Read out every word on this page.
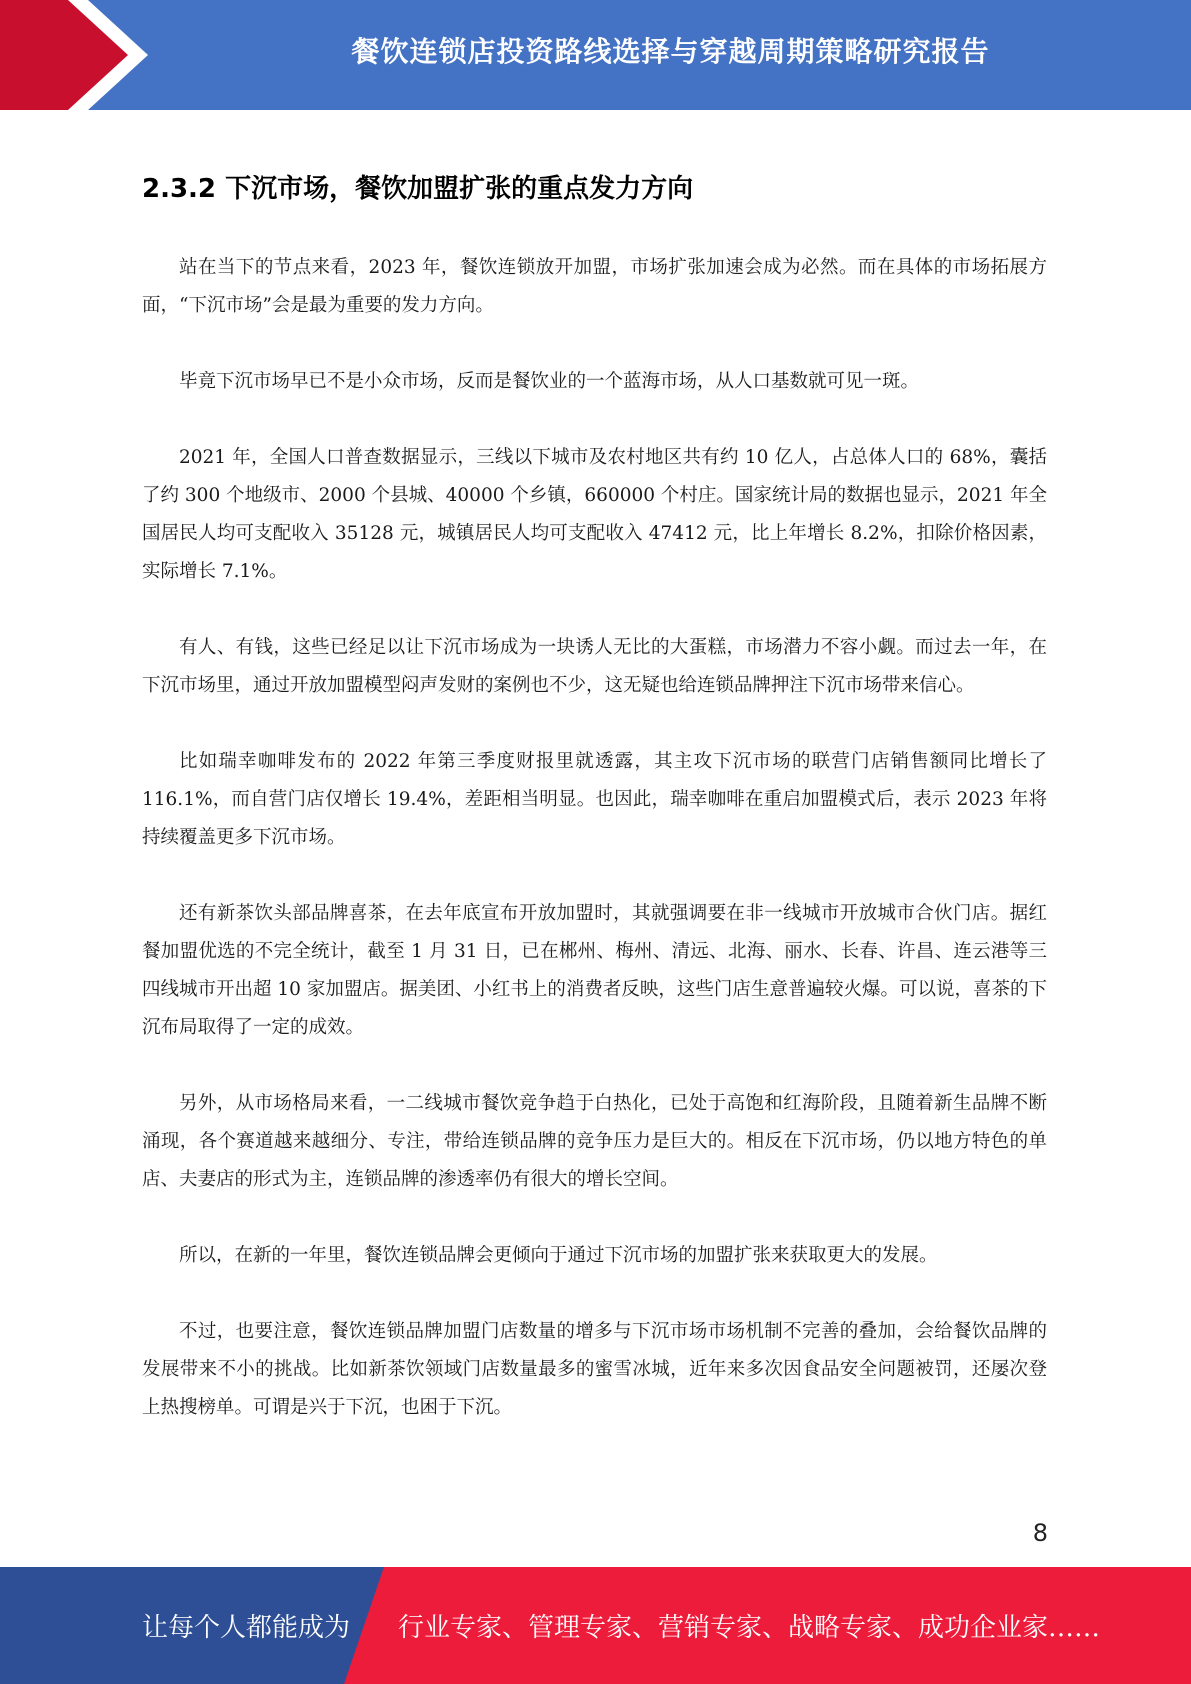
餐饮连锁店投资路线选择与穿越周期策略研究报告
2.3.2 下沉市场，餐饮加盟扩张的重点发力方向

站在当下的节点来看，2023 年，餐饮连锁放开加盟，市场扩张加速会成为必然。而在具体的市场拓展方面，“下沉市场”会是最为重要的发力方向。

毕竟下沉市场早已不是小众市场，反而是餐饮业的一个蓝海市场，从人口基数就可见一斑。

2021 年，全国人口普查数据显示，三线以下城市及农村地区共有约 10 亿人，占总体人口的 68%，囊括了约 300 个地级市、2000 个县城、40000 个乡镇，660000 个村庄。国家统计局的数据也显示，2021 年全国居民人均可支配收入 35128 元，城镇居民人均可支配收入 47412 元，比上年增长 8.2%，扣除价格因素，实际增长 7.1%。

有人、有钱，这些已经足以让下沉市场成为一块诱人无比的大蛋糕，市场潜力不容小觑。而过去一年，在下沉市场里，通过开放加盟模型闷声发财的案例也不少，这无疑也给连锁品牌押注下沉市场带来信心。

比如瑞幸咖啡发布的 2022 年第三季度财报里就透露，其主攻下沉市场的联营门店销售额同比增长了 116.1%，而自营门店仅增长 19.4%，差距相当明显。也因此，瑞幸咖啡在重启加盟模式后，表示 2023 年将持续覆盖更多下沉市场。

还有新茶饮头部品牌喜茶，在去年底宣布开放加盟时，其就强调要在非一线城市开放城市合伙门店。据红餐加盟优选的不完全统计，截至 1 月 31 日，已在郴州、梅州、清远、北海、丽水、长春、许昌、连云港等三四线城市开出超 10 家加盟店。据美团、小红书上的消费者反映，这些门店生意普遍较火爆。可以说，喜茶的下沉布局取得了一定的成效。

另外，从市场格局来看，一二线城市餐饮竞争趋于白热化，已处于高饱和红海阶段，且随着新生品牌不断涌现，各个赛道越来越细分、专注，带给连锁品牌的竞争压力是巨大的。相反在下沉市场，仍以地方特色的单店、夫妻店的形式为主，连锁品牌的渗透率仍有很大的增长空间。

所以，在新的一年里，餐饮连锁品牌会更倾向于通过下沉市场的加盟扩张来获取更大的发展。

不过，也要注意，餐饮连锁品牌加盟门店数量的增多与下沉市场市场机制不完善的叠加，会给餐饮品牌的发展带来不小的挑战。比如新茶饮领域门店数量最多的蜜雪冰城，近年来多次因食品安全问题被罚，还屡次登上热搜榜单。可谓是兴于下沉，也困于下沉。

8
让每个人都能成为 行业专家、管理专家、营销专家、战略专家、成功企业家……
